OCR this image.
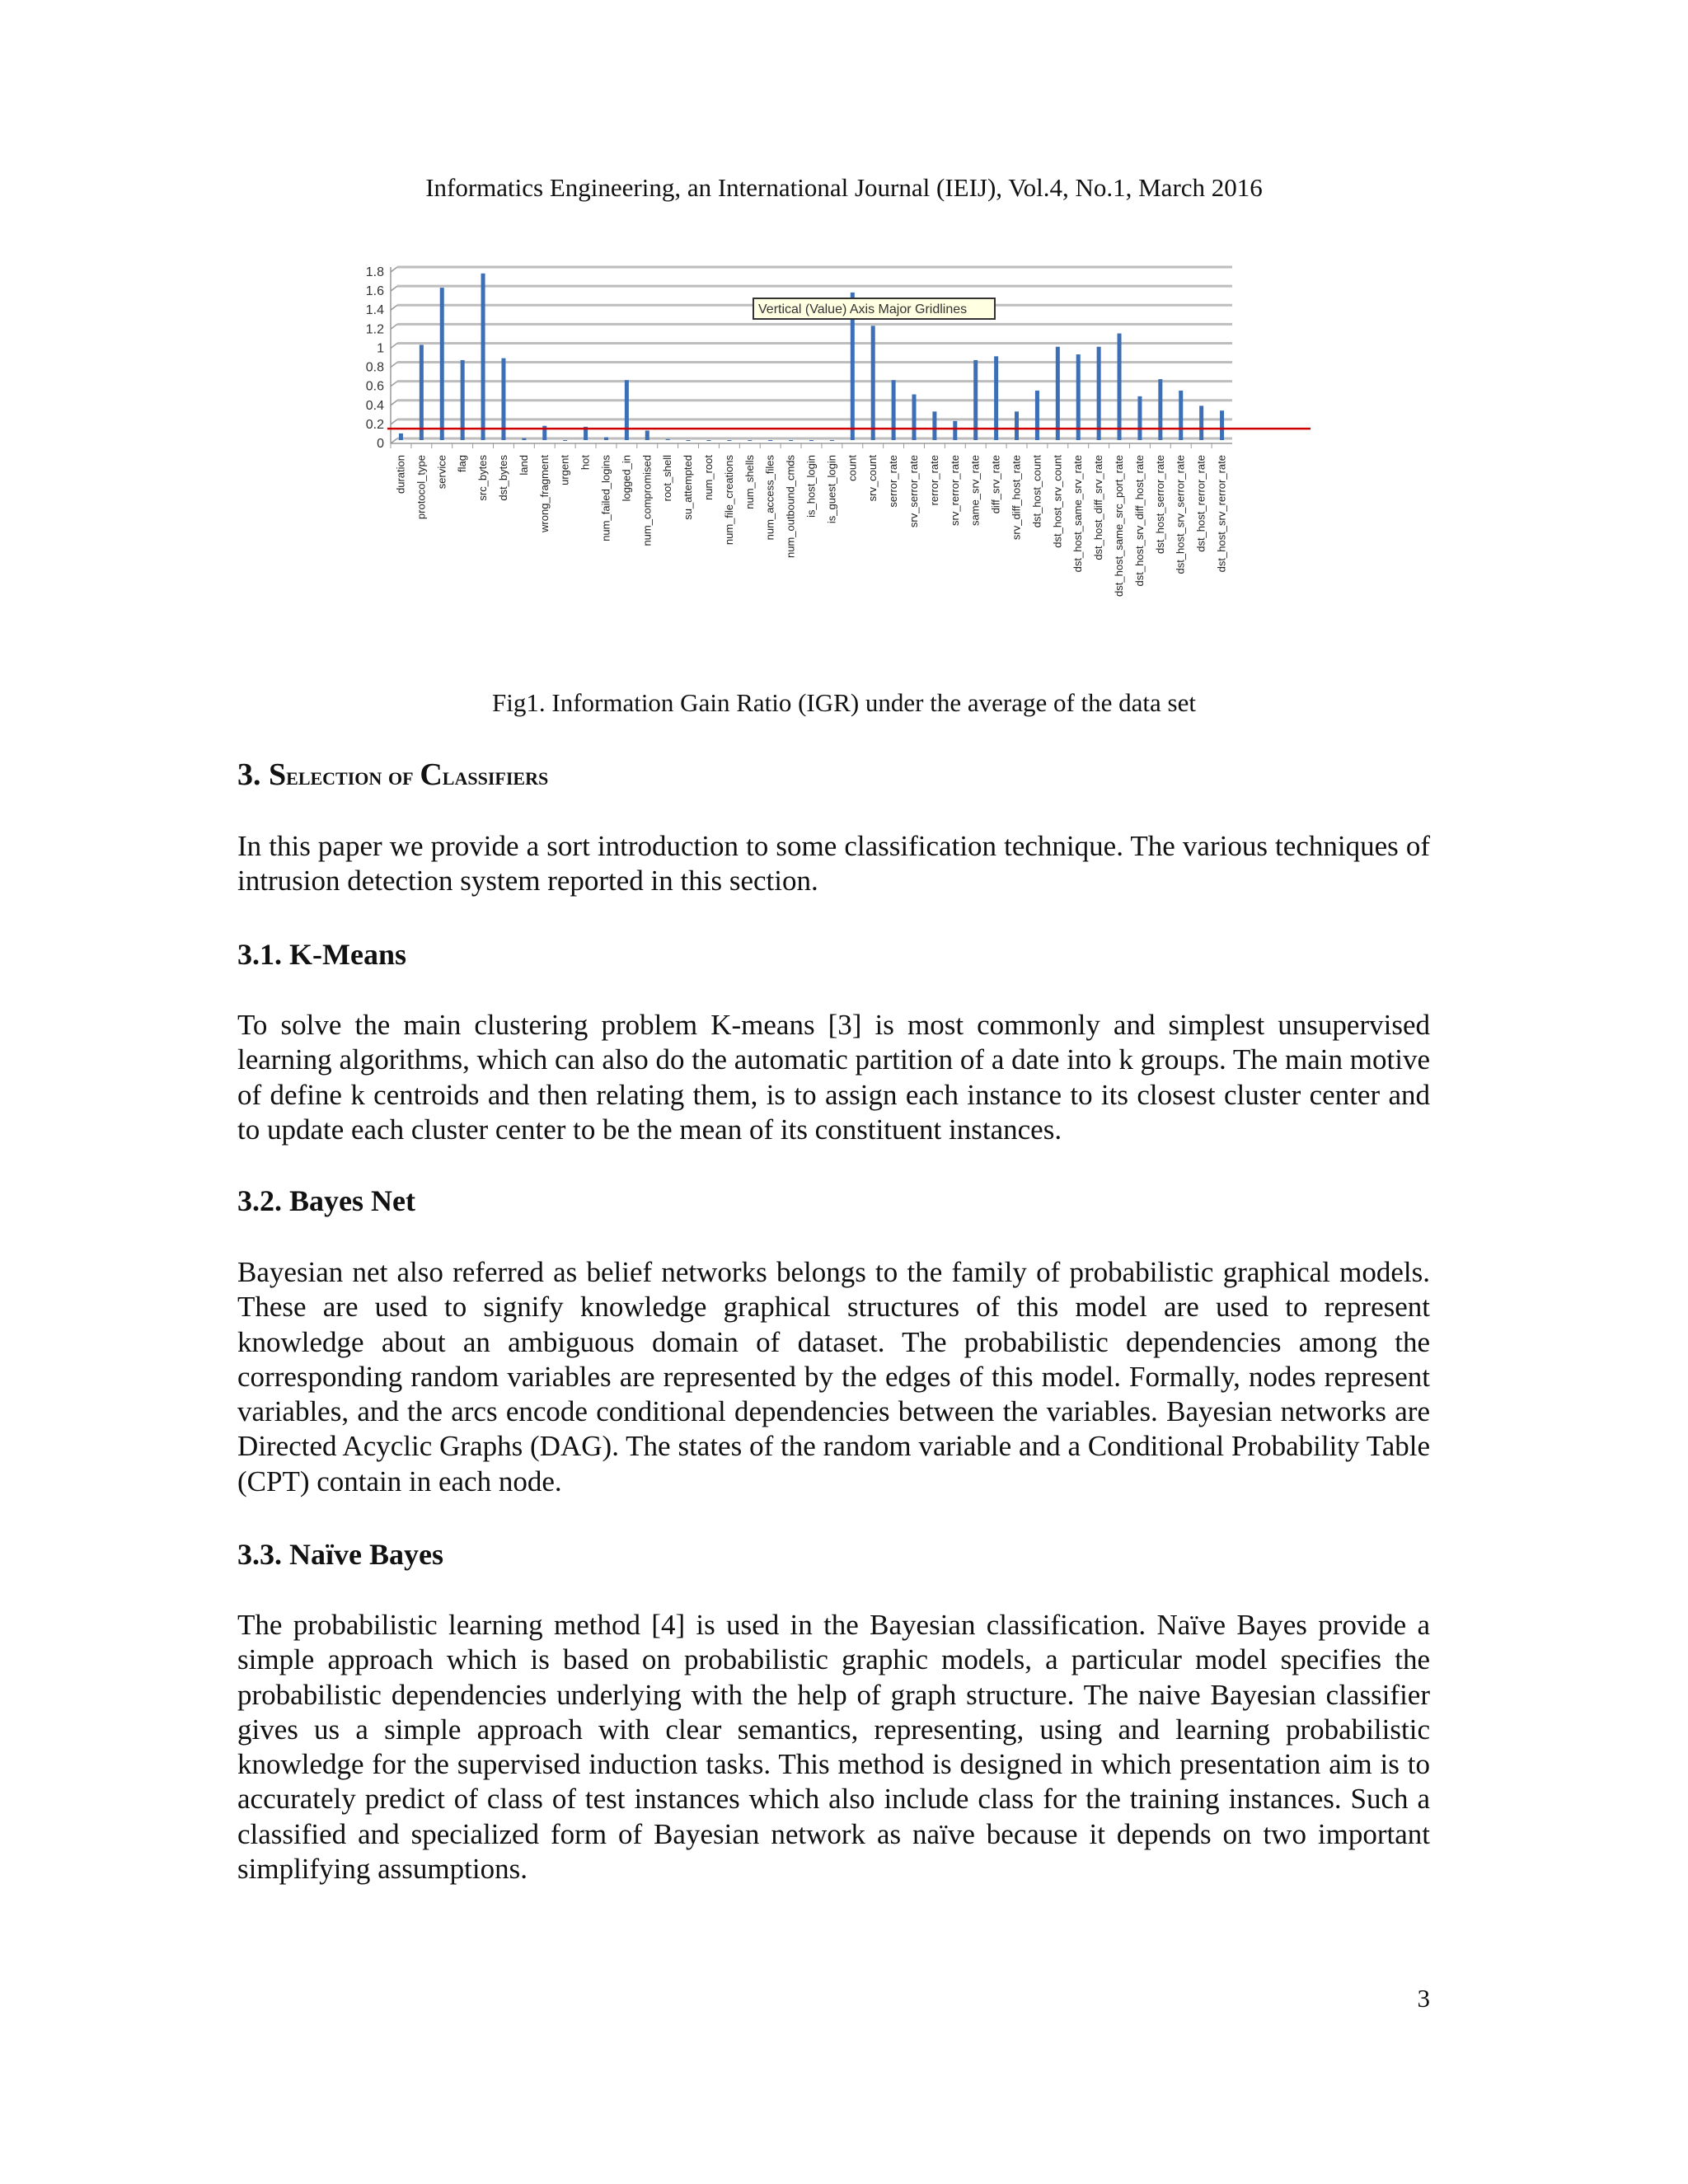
Informatics Engineering, an International Journal (IEIJ), Vol.4, No.1, March 2016
0
0.2
0.4
0.6
0.8
1
1.2
1.4
1.6
1.8
duration protocol_type service flag src_bytes dst_bytes land wrong_fragment urgent hot num_failed_logins logged_in num_compromised root_shell su_attempted num_root num_file_creations num_shells num_access_files num_outbound_cmds is_host_login is_guest_login count srv_count serror_rate srv_serror_rate rerror_rate srv_rerror_rate same_srv_rate diff_srv_rate srv_diff_host_rate dst_host_count dst_host_srv_count dst_host_same_srv_rate dst_host_diff_srv_rate dst_host_same_src_port_rate dst_host_srv_diff_host_rate dst_host_serror_rate dst_host_srv_serror_rate dst_host_rerror_rate dst_host_srv_rerror_rate
Vertical (Value) Axis Major Gridlines
Fig1. Information Gain Ratio (IGR) under the average of the data set
3. Selection of Classifiers

In this paper we provide a sort introduction to some classification technique. The various techniques of intrusion detection system reported in this section.

3.1. K-Means

To solve the main clustering problem K-means [3] is most commonly and simplest unsupervised learning algorithms, which can also do the automatic partition of a date into k groups. The main motive of define k centroids and then relating them, is to assign each instance to its closest cluster center and to update each cluster center to be the mean of its constituent instances.

3.2. Bayes Net

Bayesian net also referred as belief networks belongs to the family of probabilistic graphical models. These are used to signify knowledge graphical structures of this model are used to represent knowledge about an ambiguous domain of dataset. The probabilistic dependencies among the corresponding random variables are represented by the edges of this model. Formally, nodes represent variables, and the arcs encode conditional dependencies between the variables. Bayesian networks are Directed Acyclic Graphs (DAG). The states of the random variable and a Conditional Probability Table (CPT) contain in each node.

3.3. Naïve Bayes

The probabilistic learning method [4] is used in the Bayesian classification. Naïve Bayes provide a simple approach which is based on probabilistic graphic models, a particular model specifies the probabilistic dependencies underlying with the help of graph structure. The naive Bayesian classifier gives us a simple approach with clear semantics, representing, using and learning probabilistic knowledge for the supervised induction tasks. This method is designed in which presentation aim is to accurately predict of class of test instances which also include class for the training instances. Such a classified and specialized form of Bayesian network as naïve because it depends on two important simplifying assumptions.

3
